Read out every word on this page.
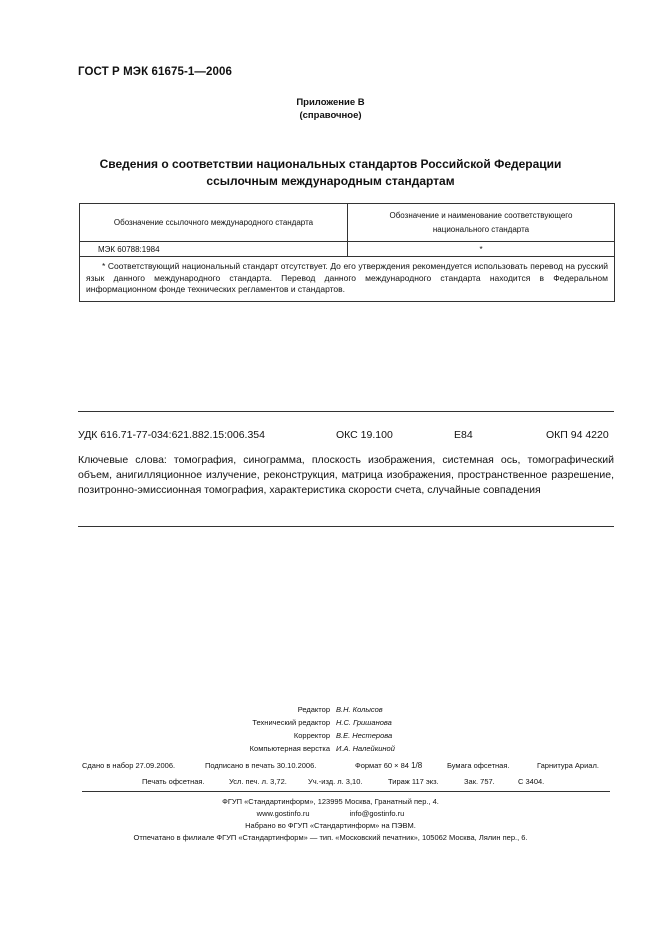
ГОСТ Р МЭК 61675-1—2006
Приложение В
(справочное)
Сведения о соответствии национальных стандартов Российской Федерации
ссылочным международным стандартам
Обозначение ссылочного международного стандарта	Обозначение и наименование соответствующего
национального стандарта

МЭК 60788:1984	*
* Соответствующий национальный стандарт отсутствует. До его утверждения рекомендуется использовать перевод на русский язык данного международного стандарта. Перевод данного международного стандарта находится в Федеральном информационном фонде технических регламентов и стандартов.	
УДК 616.71-77-034:621.882.15:006.354	ОКС 19.100	Е84	ОКП 94 4220
Ключевые слова: томография, синограмма, плоскость изображения, системная ось, томографический объем, анигилляционное излучение, реконструкция, матрица изображения, пространственное разрешение, позитронно-эмиссионная томография, характеристика скорости счета, случайные совпадения
Редактор В.Н. Колысов
Технический редактор Н.С. Гришанова
Корректор В.Е. Нестерова
Компьютерная верстка И.А. Налейкиной
Сдано в набор 27.09.2006.	Подписано в печать 30.10.2006.	Формат 60 × 84 1/8	Бумага офсетная.	Гарнитура Ариал.
Печать офсетная.	Усл. печ. л. 3,72.	Уч.-изд. л. 3,10.	Тираж 117 экз.	Зак. 757.	С 3404.
ФГУП «Стандартинформ», 123995 Москва, Гранатный пер., 4.
www.gostinfo.ru	info@gostinfo.ru
Набрано во ФГУП «Стандартинформ» на ПЭВМ.
Отпечатано в филиале ФГУП «Стандартинформ» — тип. «Московский печатник», 105062 Москва, Лялин пер., 6.
